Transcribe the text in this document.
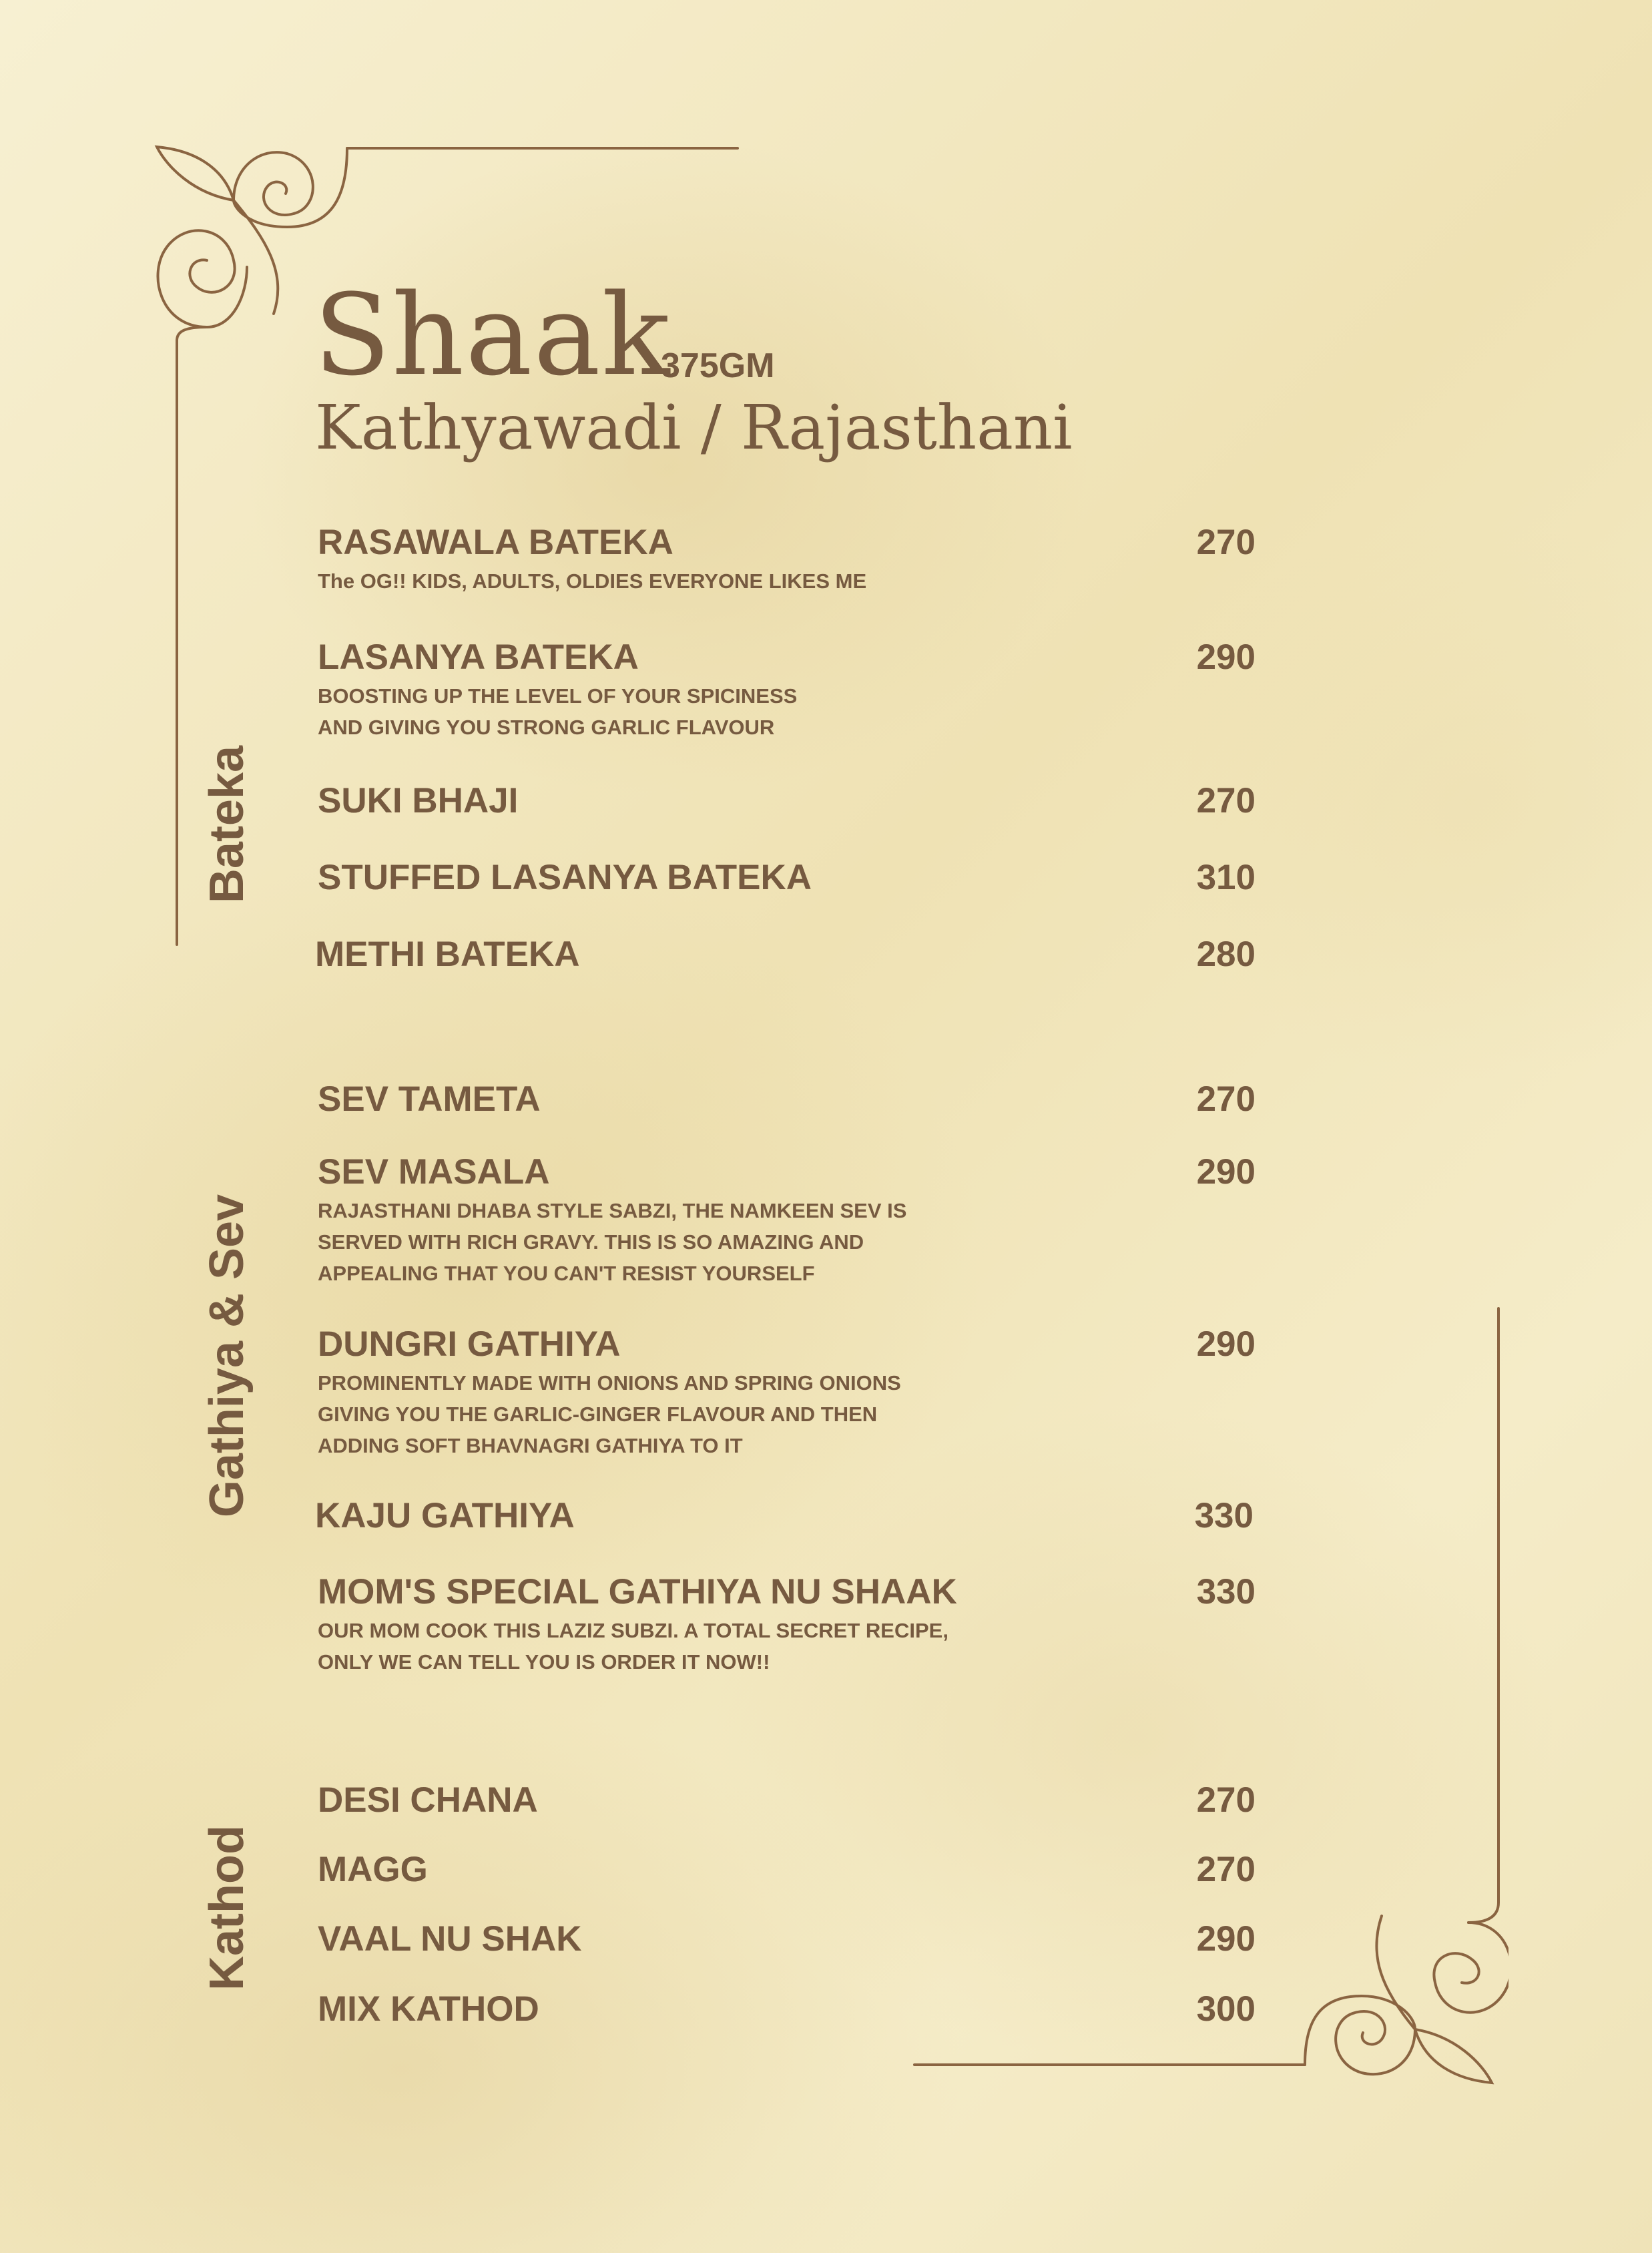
Shaak
375GM
Kathyawadi / Rajasthani
Bateka
Gathiya & Sev
Kathod
RASAWALA BATEKA	270
The OG!! KIDS, ADULTS, OLDIES EVERYONE LIKES ME
LASANYA BATEKA	290
BOOSTING UP THE LEVEL OF YOUR SPICINESS
AND GIVING YOU STRONG GARLIC FLAVOUR
SUKI BHAJI	270
STUFFED LASANYA BATEKA	310
METHI BATEKA	280
SEV TAMETA	270
SEV MASALA	290
RAJASTHANI DHABA STYLE SABZI, THE NAMKEEN SEV IS
SERVED WITH RICH GRAVY. THIS IS SO AMAZING AND
APPEALING THAT YOU CAN'T RESIST YOURSELF
DUNGRI GATHIYA	290
PROMINENTLY MADE WITH ONIONS AND SPRING ONIONS
GIVING YOU THE GARLIC-GINGER FLAVOUR AND THEN
ADDING SOFT BHAVNAGRI GATHIYA TO IT
KAJU GATHIYA	330
MOM'S SPECIAL GATHIYA NU SHAAK	330
OUR MOM COOK THIS LAZIZ SUBZI. A TOTAL SECRET RECIPE,
ONLY WE CAN TELL YOU IS ORDER IT NOW!!
DESI CHANA	270
MAGG	270
VAAL NU SHAK	290
MIX KATHOD	300
